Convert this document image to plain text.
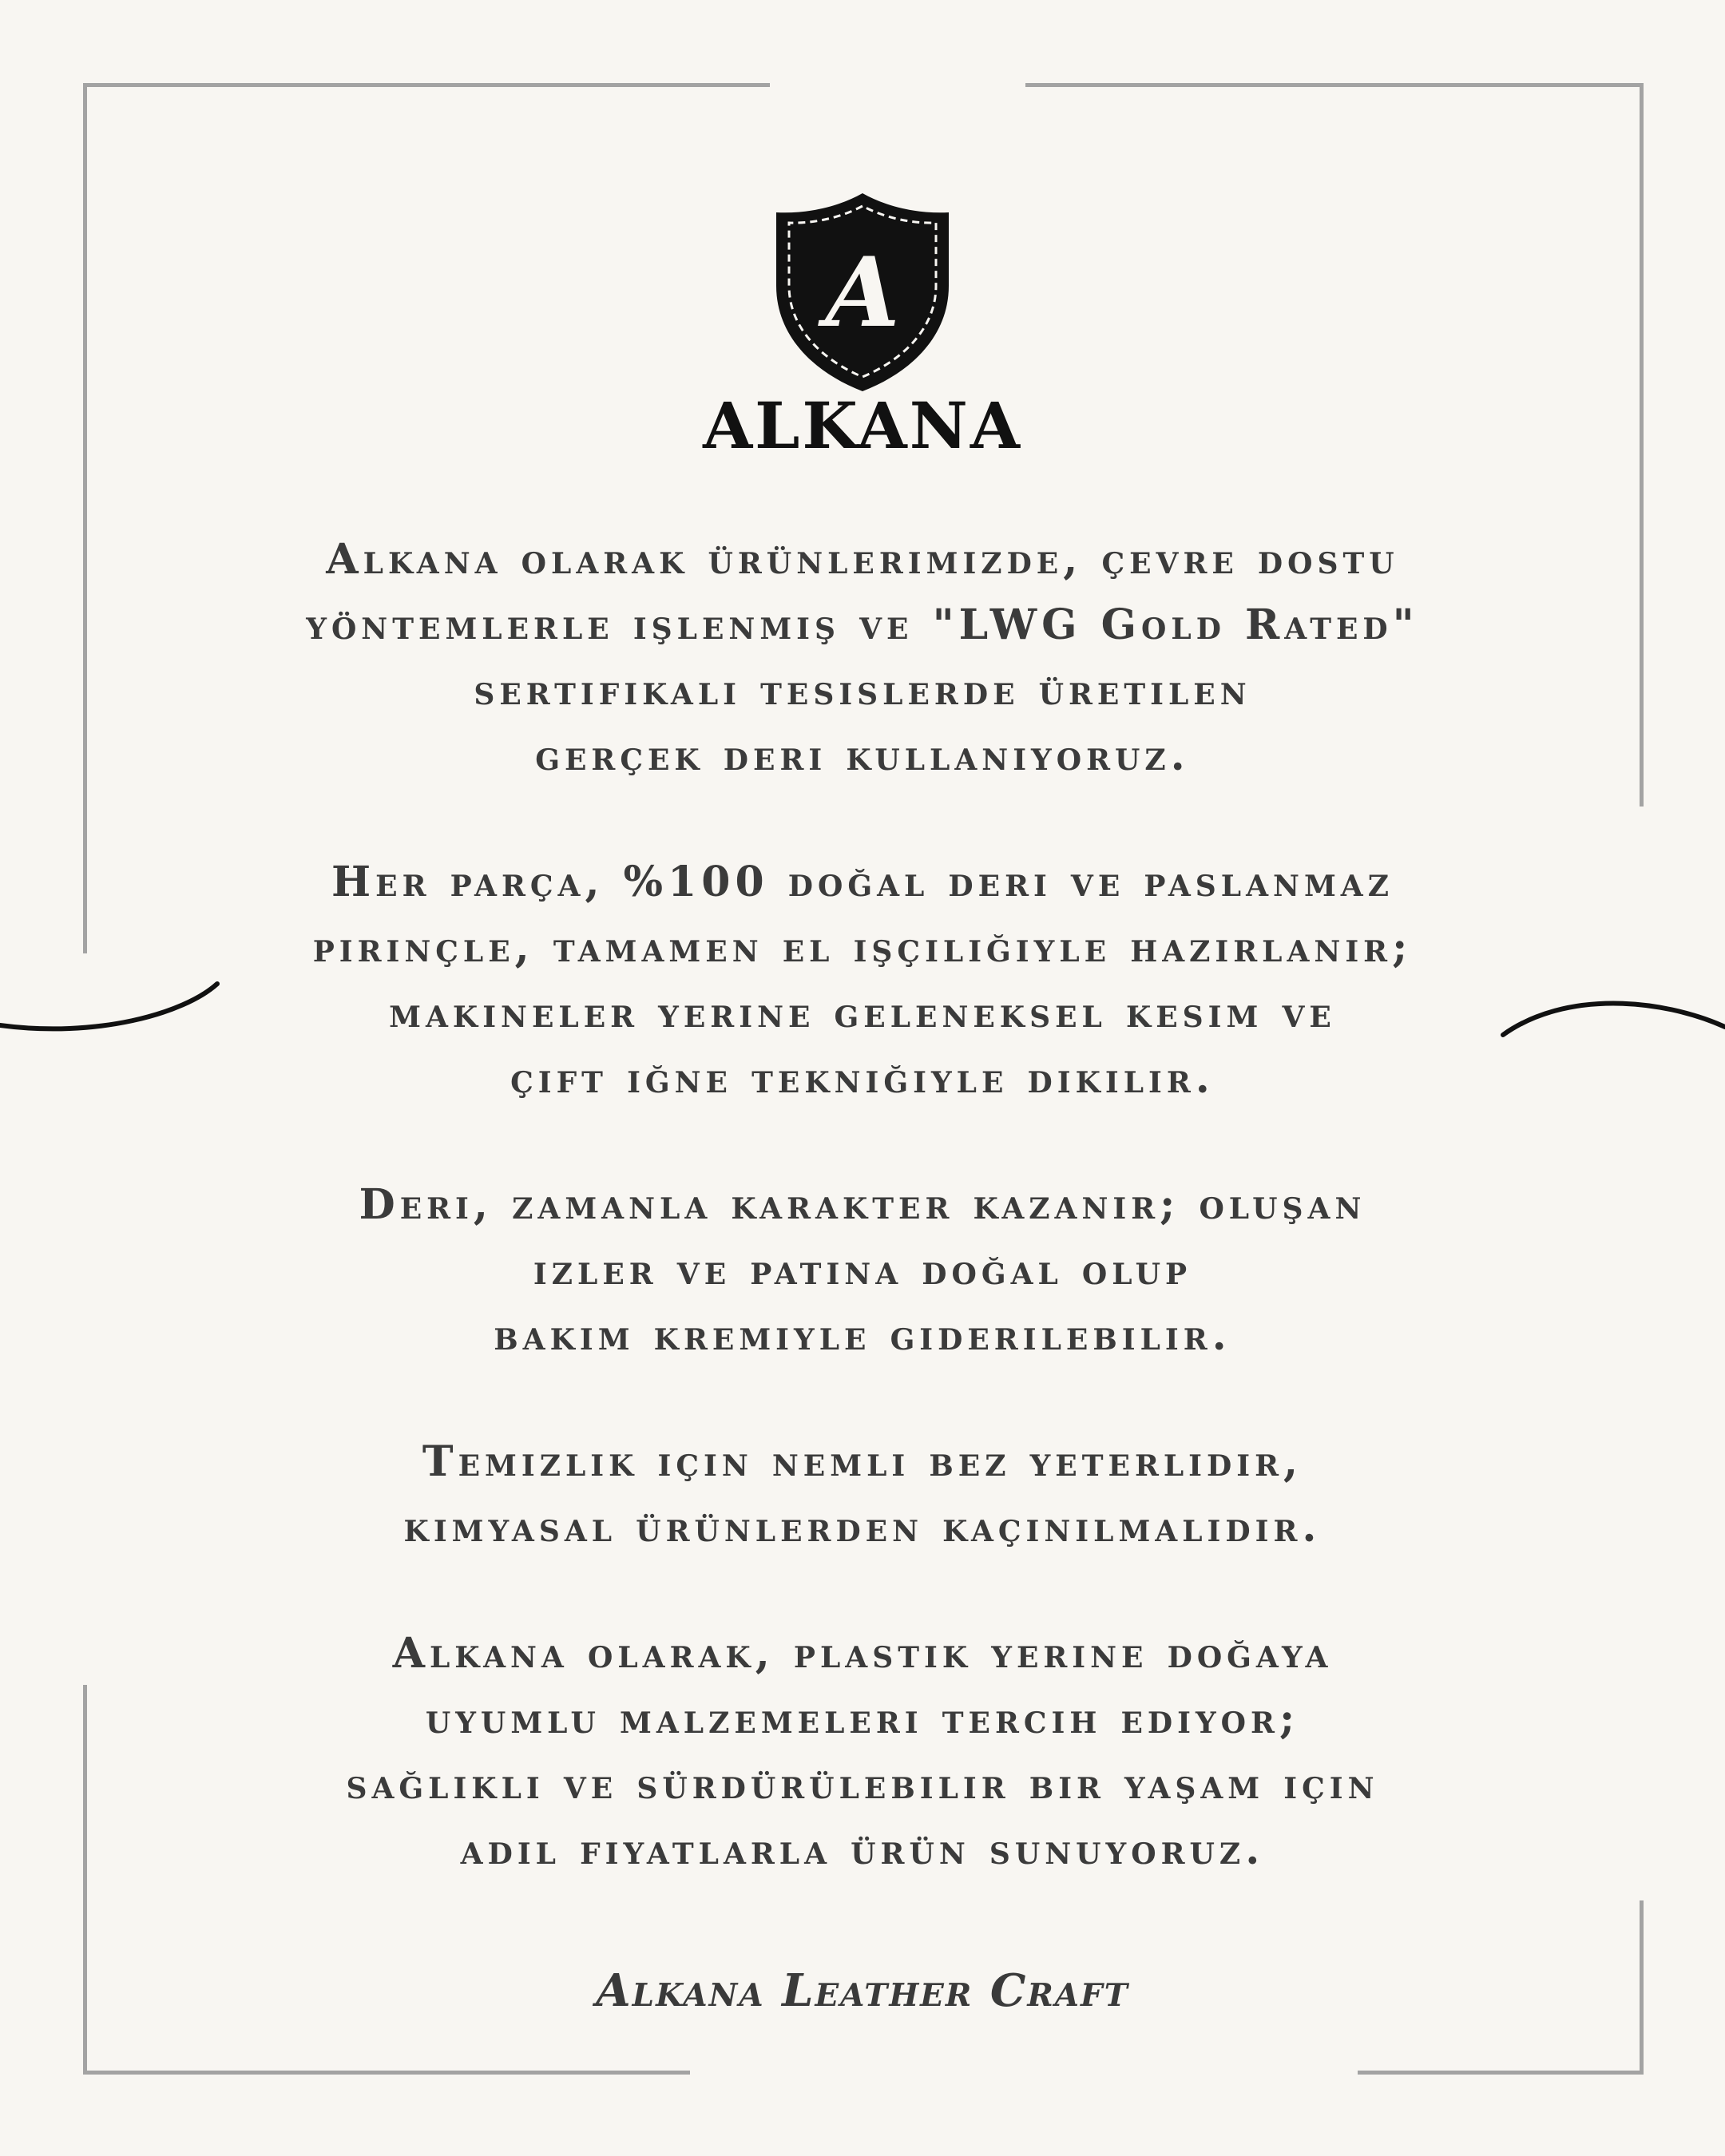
A
ALKANA
Alkana olarak ürünlerimizde, çevre dostu
yöntemlerle işlenmiş ve "LWG Gold Rated"
sertifikalı tesislerde üretilen
gerçek deri kullanıyoruz.
Her parça, %100 doğal deri ve paslanmaz
pirinçle, tamamen el işçiliğiyle hazırlanır;
makineler yerine geleneksel kesim ve
çift iğne tekniğiyle dikilir.
Deri, zamanla karakter kazanır; oluşan
izler ve patina doğal olup
bakım kremiyle giderilebilir.
Temizlik için nemli bez yeterlidir,
kimyasal ürünlerden kaçınılmalıdır.
Alkana olarak, plastik yerine doğaya
uyumlu malzemeleri tercih ediyor;
sağlıklı ve sürdürülebilir bir yaşam için
adil fiyatlarla ürün sunuyoruz.
Alkana Leather Craft
